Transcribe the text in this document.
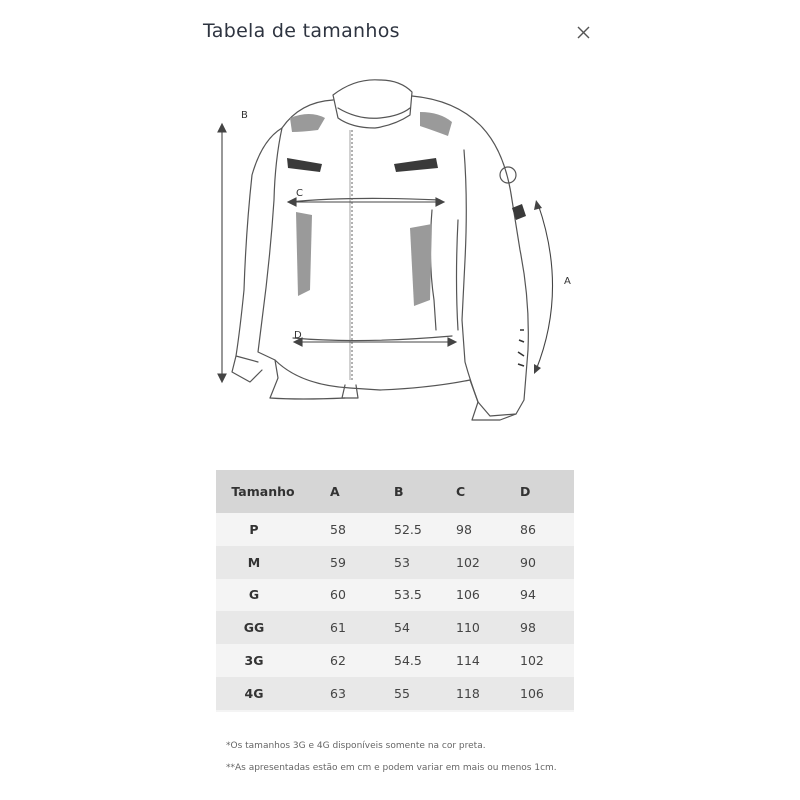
Tabela de tamanhos
B
C
D
A
Tamanho	A	B	C	D
P	58	52.5	98	86
M	59	53	102	90
G	60	53.5	106	94
GG	61	54	110	98
3G	62	54.5	114	102
4G	63	55	118	106
*Os tamanhos 3G e 4G disponíveis somente na cor preta.
**As apresentadas estão em cm e podem variar em mais ou menos 1cm.
